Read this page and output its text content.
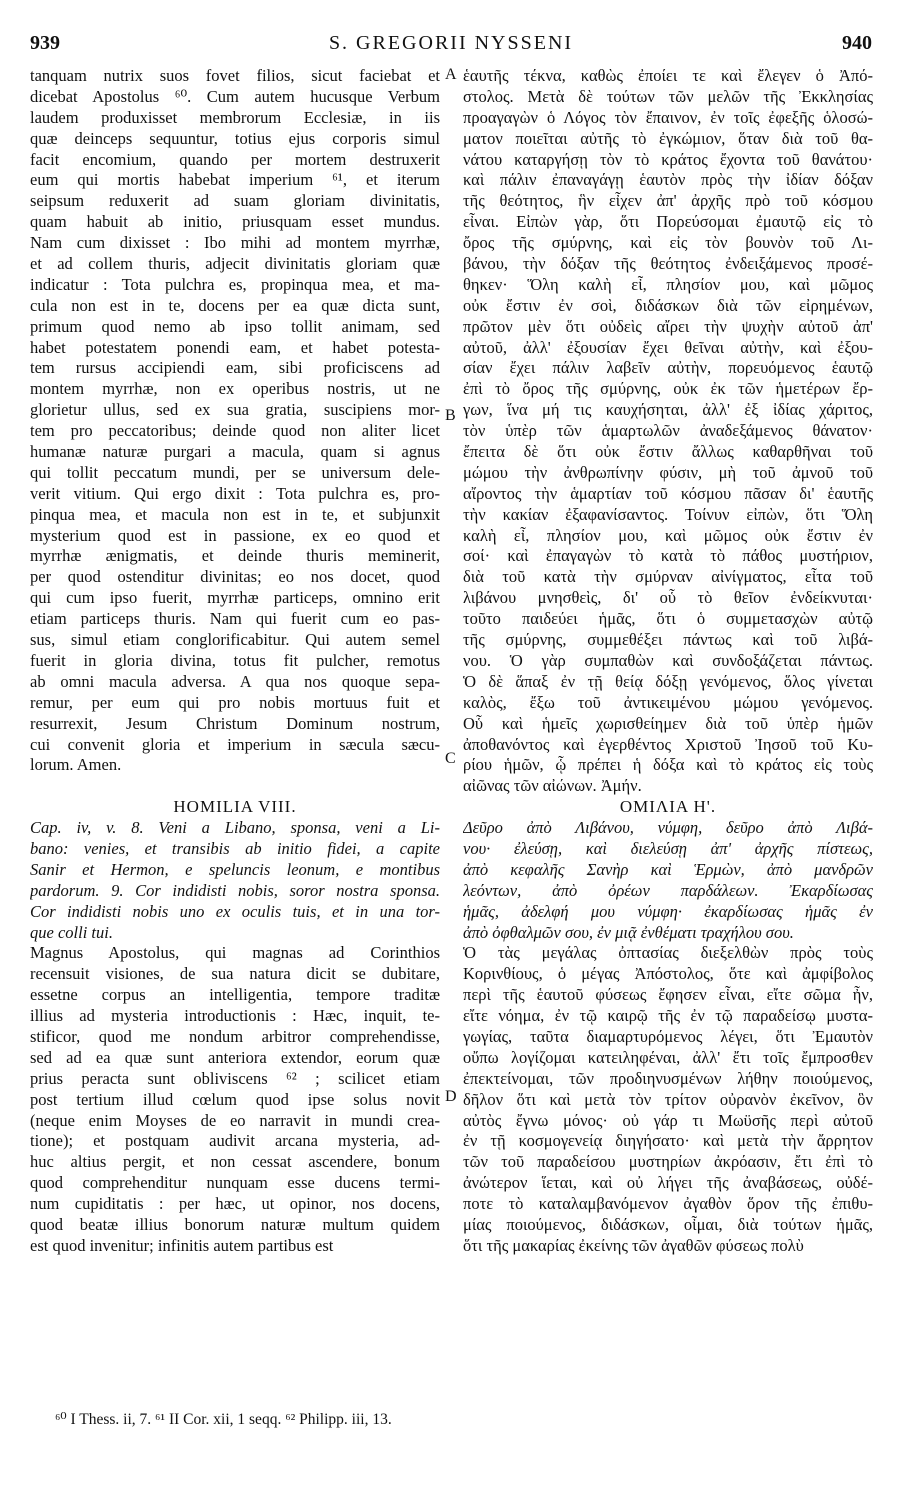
939	S. GREGORII NYSSENI	940
A
B
C
D
tanquam nutrix suos fovet filios, sicut faciebat et
dicebat Apostolus ⁶⁰. Cum autem hucusque Verbum
laudem produxisset membrorum Ecclesiæ, in iis
quæ deinceps sequuntur, totius ejus corporis simul
facit encomium, quando per mortem destruxerit
eum qui mortis habebat imperium ⁶¹, et iterum
seipsum reduxerit ad suam gloriam divinitatis,
quam habuit ab initio, priusquam esset mundus.
Nam cum dixisset : Ibo mihi ad montem myrrhæ,
et ad collem thuris, adjecit divinitatis gloriam quæ
indicatur : Tota pulchra es, propinqua mea, et ma-
cula non est in te, docens per ea quæ dicta sunt,
primum quod nemo ab ipso tollit animam, sed
habet potestatem ponendi eam, et habet potesta-
tem rursus accipiendi eam, sibi proficiscens ad
montem myrrhæ, non ex operibus nostris, ut ne
glorietur ullus, sed ex sua gratia, suscipiens mor-
tem pro peccatoribus; deinde quod non aliter licet
humanæ naturæ purgari a macula, quam si agnus
qui tollit peccatum mundi, per se universum dele-
verit vitium. Qui ergo dixit : Tota pulchra es, pro-
pinqua mea, et macula non est in te, et subjunxit
mysterium quod est in passione, ex eo quod et
myrrhæ ænigmatis, et deinde thuris meminerit,
per quod ostenditur divinitas; eo nos docet, quod
qui cum ipso fuerit, myrrhæ particeps, omnino erit
etiam particeps thuris. Nam qui fuerit cum eo pas-
sus, simul etiam conglorificabitur. Qui autem semel
fuerit in gloria divina, totus fit pulcher, remotus
ab omni macula adversa. A qua nos quoque sepa-
remur, per eum qui pro nobis mortuus fuit et
resurrexit, Jesum Christum Dominum nostrum,
cui convenit gloria et imperium in sæcula sæcu-
lorum. Amen.
HOMILIA VIII.
Cap. iv, v. 8. Veni a Libano, sponsa, veni a Li-
bano: venies, et transibis ab initio fidei, a capite
Sanir et Hermon, e speluncis leonum, e montibus
pardorum. 9. Cor indidisti nobis, soror nostra sponsa.
Cor indidisti nobis uno ex oculis tuis, et in una tor-
que colli tui.
Magnus Apostolus, qui magnas ad Corinthios
recensuit visiones, de sua natura dicit se dubitare,
essetne corpus an intelligentia, tempore traditæ
illius ad mysteria introductionis : Hæc, inquit, te-
stificor, quod me nondum arbitror comprehendisse,
sed ad ea quæ sunt anteriora extendor, eorum quæ
prius peracta sunt obliviscens ⁶² ; scilicet etiam
post tertium illud cœlum quod ipse solus novit
(neque enim Moyses de eo narravit in mundi crea-
tione); et postquam audivit arcana mysteria, ad-
huc altius pergit, et non cessat ascendere, bonum
quod comprehenditur nunquam esse ducens termi-
num cupiditatis : per hæc, ut opinor, nos docens,
quod beatæ illius bonorum naturæ multum quidem
est quod invenitur; infinitis autem partibus est
ἑαυτῆς τέκνα, καθὼς ἐποίει τε καὶ ἔλεγεν ὁ Ἀπό-
στολος. Μετὰ δὲ τούτων τῶν μελῶν τῆς Ἐκκλησίας
προαγαγὼν ὁ Λόγος τὸν ἔπαινον, ἐν τοῖς ἐφεξῆς ὁλοσώ-
ματον ποιεῖται αὐτῆς τὸ ἐγκώμιον, ὅταν διὰ τοῦ θα-
νάτου καταργήσῃ τὸν τὸ κράτος ἔχοντα τοῦ θανάτου·
καὶ πάλιν ἐπαναγάγῃ ἑαυτὸν πρὸς τὴν ἰδίαν δόξαν
τῆς θεότητος, ἣν εἶχεν ἀπ' ἀρχῆς πρὸ τοῦ κόσμου
εἶναι. Εἰπὼν γὰρ, ὅτι Πορεύσομαι ἐμαυτῷ εἰς τὸ
ὄρος τῆς σμύρνης, καὶ εἰς τὸν βουνὸν τοῦ Λι-
βάνου, τὴν δόξαν τῆς θεότητος ἐνδειξάμενος προσέ-
θηκεν· Ὅλη καλὴ εἶ, πλησίον μου, καὶ μῶμος
οὐκ ἔστιν ἐν σοὶ, διδάσκων διὰ τῶν εἰρημένων,
πρῶτον μὲν ὅτι οὐδεὶς αἴρει τὴν ψυχὴν αὐτοῦ ἀπ'
αὐτοῦ, ἀλλ' ἐξουσίαν ἔχει θεῖναι αὐτὴν, καὶ ἐξου-
σίαν ἔχει πάλιν λαβεῖν αὐτὴν, πορευόμενος ἑαυτῷ
ἐπὶ τὸ ὄρος τῆς σμύρνης, οὐκ ἐκ τῶν ἡμετέρων ἔρ-
γων, ἵνα μή τις καυχήσηται, ἀλλ' ἐξ ἰδίας χάριτος,
τὸν ὑπὲρ τῶν ἁμαρτωλῶν ἀναδεξάμενος θάνατον·
ἔπειτα δὲ ὅτι οὐκ ἔστιν ἄλλως καθαρθῆναι τοῦ
μώμου τὴν ἀνθρωπίνην φύσιν, μὴ τοῦ ἀμνοῦ τοῦ
αἴροντος τὴν ἁμαρτίαν τοῦ κόσμου πᾶσαν δι' ἑαυτῆς
τὴν κακίαν ἐξαφανίσαντος. Τοίνυν εἰπὼν, ὅτι Ὅλη
καλὴ εἶ, πλησίον μου, καὶ μῶμος οὐκ ἔστιν ἐν
σοί· καὶ ἐπαγαγὼν τὸ κατὰ τὸ πάθος μυστήριον,
διὰ τοῦ κατὰ τὴν σμύρναν αἰνίγματος, εἶτα τοῦ
λιβάνου μνησθεὶς, δι' οὗ τὸ θεῖον ἐνδείκνυται·
τοῦτο παιδεύει ἡμᾶς, ὅτι ὁ συμμετασχὼν αὐτῷ
τῆς σμύρνης, συμμεθέξει πάντως καὶ τοῦ λιβά-
νου. Ὁ γὰρ συμπαθὼν καὶ συνδοξάζεται πάντως.
Ὁ δὲ ἅπαξ ἐν τῇ θείᾳ δόξῃ γενόμενος, ὅλος γίνεται
καλὸς, ἔξω τοῦ ἀντικειμένου μώμου γενόμενος.
Οὗ καὶ ἡμεῖς χωρισθείημεν διὰ τοῦ ὑπὲρ ἡμῶν
ἀποθανόντος καὶ ἐγερθέντος Χριστοῦ Ἰησοῦ τοῦ Κυ-
ρίου ἡμῶν, ᾧ πρέπει ἡ δόξα καὶ τὸ κράτος εἰς τοὺς
αἰῶνας τῶν αἰώνων. Ἀμήν.
ΟΜΙΛΙΑ Η'.
Δεῦρο ἀπὸ Λιβάνου, νύμφη, δεῦρο ἀπὸ Λιβά-
νου· ἐλεύσῃ, καὶ διελεύσῃ ἀπ' ἀρχῆς πίστεως,
ἀπὸ κεφαλῆς Σανὴρ καὶ Ἑρμὼν, ἀπὸ μανδρῶν
λεόντων, ἀπὸ ὀρέων παρδάλεων. Ἐκαρδίωσας
ἡμᾶς, ἀδελφή μου νύμφη· ἐκαρδίωσας ἡμᾶς ἐν
ἀπὸ ὀφθαλμῶν σου, ἐν μιᾷ ἐνθέματι τραχήλου σου.
Ὁ τὰς μεγάλας ὀπτασίας διεξελθὼν πρὸς τοὺς
Κορινθίους, ὁ μέγας Ἀπόστολος, ὅτε καὶ ἀμφίβολος
περὶ τῆς ἑαυτοῦ φύσεως ἔφησεν εἶναι, εἴτε σῶμα ἦν,
εἴτε νόημα, ἐν τῷ καιρῷ τῆς ἐν τῷ παραδείσῳ μυστα-
γωγίας, ταῦτα διαμαρτυρόμενος λέγει, ὅτι Ἐμαυτὸν
οὔπω λογίζομαι κατειληφέναι, ἀλλ' ἔτι τοῖς ἔμπροσθεν
ἐπεκτείνομαι, τῶν προδιηνυσμένων λήθην ποιούμενος,
δῆλον ὅτι καὶ μετὰ τὸν τρίτον οὐρανὸν ἐκεῖνον, ὃν
αὐτὸς ἔγνω μόνος· οὐ γάρ τι Μωϋσῆς περὶ αὐτοῦ
ἐν τῇ κοσμογενείᾳ διηγήσατο· καὶ μετὰ τὴν ἄρρητον
τῶν τοῦ παραδείσου μυστηρίων ἀκρόασιν, ἔτι ἐπὶ τὸ
ἀνώτερον ἵεται, καὶ οὐ λήγει τῆς ἀναβάσεως, οὐδέ-
ποτε τὸ καταλαμβανόμενον ἀγαθὸν ὅρον τῆς ἐπιθυ-
μίας ποιούμενος, διδάσκων, οἶμαι, διὰ τούτων ἡμᾶς,
ὅτι τῆς μακαρίας ἐκείνης τῶν ἀγαθῶν φύσεως πολὺ
⁶⁰ I Thess. ii, 7. ⁶¹ II Cor. xii, 1 seqq. ⁶² Philipp. iii, 13.
